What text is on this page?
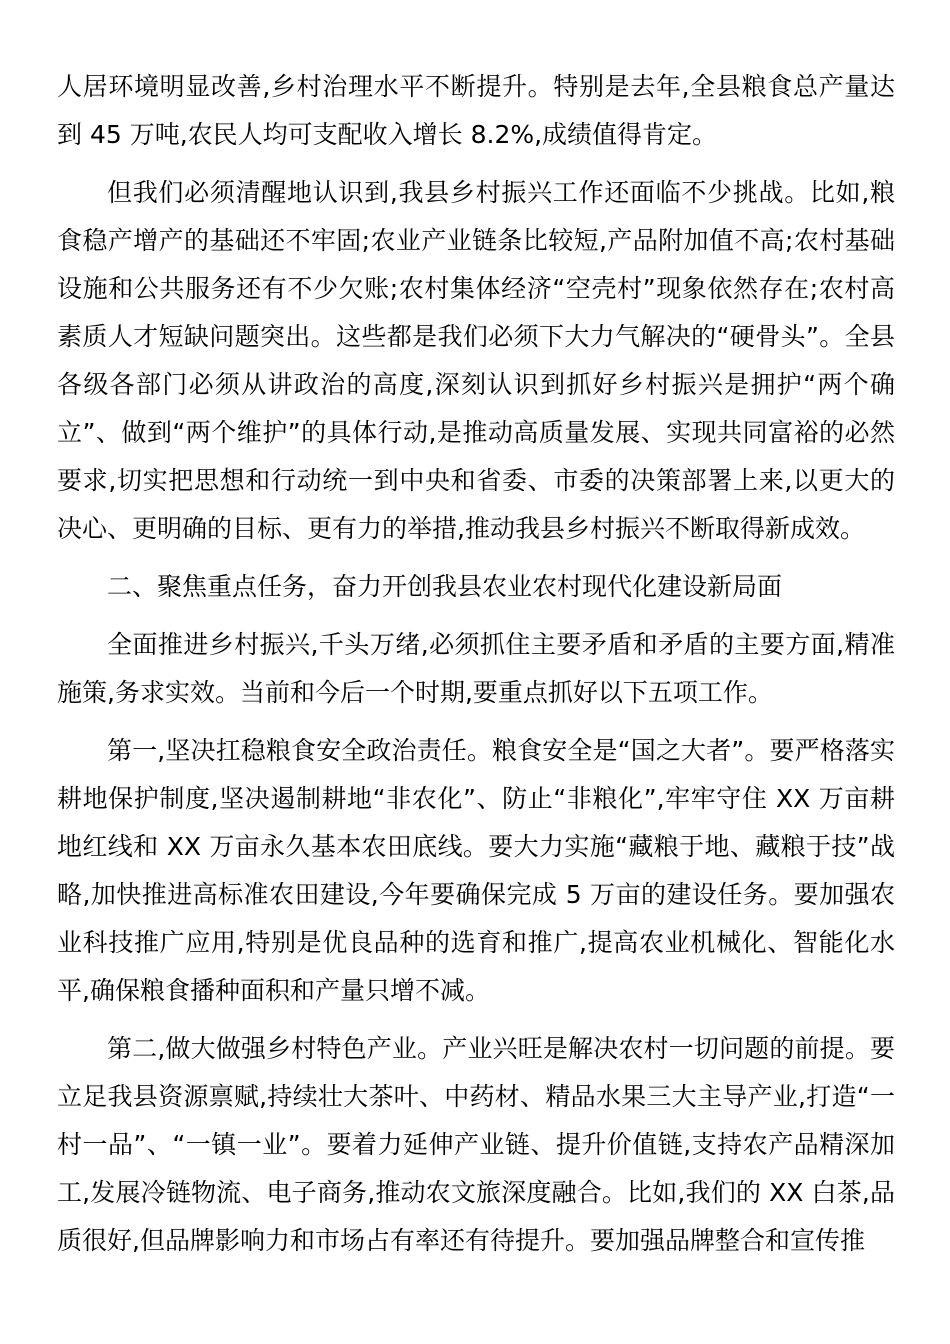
人居环境明显改善,乡村治理水平不断提升。特别是去年,全县粮食总产量达到 45 万吨,农民人均可支配收入增长 8.2%,成绩值得肯定。

但我们必须清醒地认识到,我县乡村振兴工作还面临不少挑战。比如,粮食稳产增产的基础还不牢固;农业产业链条比较短,产品附加值不高;农村基础设施和公共服务还有不少欠账;农村集体经济“空壳村”现象依然存在;农村高素质人才短缺问题突出。这些都是我们必须下大力气解决的“硬骨头”。全县各级各部门必须从讲政治的高度,深刻认识到抓好乡村振兴是拥护“两个确立”、做到“两个维护”的具体行动,是推动高质量发展、实现共同富裕的必然要求,切实把思想和行动统一到中央和省委、市委的决策部署上来,以更大的决心、更明确的目标、更有力的举措,推动我县乡村振兴不断取得新成效。

二、聚焦重点任务，奋力开创我县农业农村现代化建设新局面

全面推进乡村振兴,千头万绪,必须抓住主要矛盾和矛盾的主要方面,精准施策,务求实效。当前和今后一个时期,要重点抓好以下五项工作。

第一,坚决扛稳粮食安全政治责任。粮食安全是“国之大者”。要严格落实耕地保护制度,坚决遏制耕地“非农化”、防止“非粮化”,牢牢守住 XX 万亩耕地红线和 XX 万亩永久基本农田底线。要大力实施“藏粮于地、藏粮于技”战略,加快推进高标准农田建设,今年要确保完成 5 万亩的建设任务。要加强农业科技推广应用,特别是优良品种的选育和推广,提高农业机械化、智能化水平,确保粮食播种面积和产量只增不减。

第二,做大做强乡村特色产业。产业兴旺是解决农村一切问题的前提。要立足我县资源禀赋,持续壮大茶叶、中药材、精品水果三大主导产业,打造“一村一品”、“一镇一业”。要着力延伸产业链、提升价值链,支持农产品精深加工,发展冷链物流、电子商务,推动农文旅深度融合。比如,我们的 XX 白茶,品质很好,但品牌影响力和市场占有率还有待提升。要加强品牌整合和宣传推
